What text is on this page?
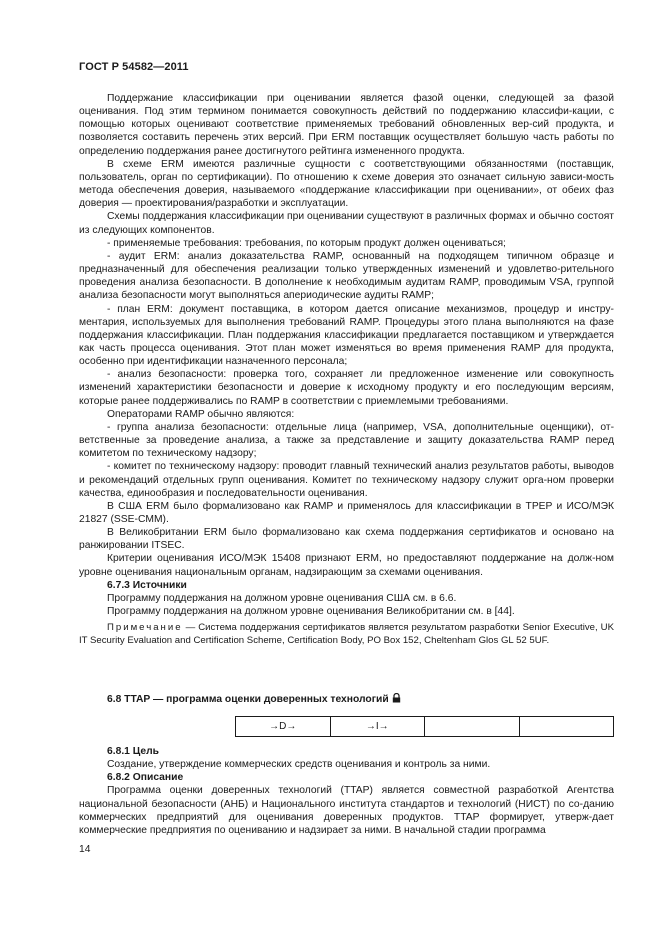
ГОСТ Р 54582—2011

Поддержание классификации при оценивании является фазой оценки, следующей за фазой оценивания. Под этим термином понимается совокупность действий по поддержанию классифи-кации, с помощью которых оценивают соответствие применяемых требований обновленных вер-сий продукта, и позволяется составить перечень этих версий. При ERM поставщик осуществляет большую часть работы по определению поддержания ранее достигнутого рейтинга измененного продукта.

В схеме ERM имеются различные сущности с соответствующими обязанностями (поставщик, пользователь, орган по сертификации). По отношению к схеме доверия это означает сильную зависи-мость метода обеспечения доверия, называемого «поддержание классификации при оценивании», от обеих фаз доверия — проектирования/разработки и эксплуатации.

Схемы поддержания классификации при оценивании существуют в различных формах и обычно состоят из следующих компонентов.

- применяемые требования: требования, по которым продукт должен оцениваться;

- аудит ERM: анализ доказательства RAMP, основанный на подходящем типичном образце и предназначенный для обеспечения реализации только утвержденных изменений и удовлетво-рительного проведения анализа безопасности. В дополнение к необходимым аудитам RAMP, проводимым VSA, группой анализа безопасности могут выполняться апериодические аудиты RAMP;

- план ERM: документ поставщика, в котором дается описание механизмов, процедур и инстру-ментария, используемых для выполнения требований RAMP. Процедуры этого плана выполняются на фазе поддержания классификации. План поддержания классификации предлагается поставщиком и утверждается как часть процесса оценивания. Этот план может изменяться во время применения RAMP для продукта, особенно при идентификации назначенного персонала;

- анализ безопасности: проверка того, сохраняет ли предложенное изменение или совокупность изменений характеристики безопасности и доверие к исходному продукту и его последующим версиям, которые ранее поддерживались по RAMP в соответствии с приемлемыми требованиями.

Операторами RAMP обычно являются:

- группа анализа безопасности: отдельные лица (например, VSA, дополнительные оценщики), от-ветственные за проведение анализа, а также за представление и защиту доказательства RAMP перед комитетом по техническому надзору;

- комитет по техническому надзору: проводит главный технический анализ результатов работы, выводов и рекомендаций отдельных групп оценивания. Комитет по техническому надзору служит орга-ном проверки качества, единообразия и последовательности оценивания.

В США ERM было формализовано как RAMP и применялось для классификации в TPEP и ИСО/МЭК 21827 (SSE-CMM).

В Великобритании ERM было формализовано как схема поддержания сертификатов и основано на ранжировании ITSEC.

Критерии оценивания ИСО/МЭК 15408 признают ERM, но предоставляют поддержание на долж-ном уровне оценивания национальным органам, надзирающим за схемами оценивания.

6.7.3 Источники

Программу поддержания на должном уровне оценивания США см. в 6.6.

Программу поддержания на должном уровне оценивания Великобритании см. в [44].

Примечание — Система поддержания сертификатов является результатом разработки Senior Executive, UK IT Security Evaluation and Certification Scheme, Certification Body, PO Box 152, Cheltenham Glos GL 52 5UF.

6.8 TTAP — программа оценки доверенных технологий
→D→	→I→		

6.8.1 Цель

Создание, утверждение коммерческих средств оценивания и контроль за ними.

6.8.2 Описание

Программа оценки доверенных технологий (TTAP) является совместной разработкой Агентства национальной безопасности (АНБ) и Национального института стандартов и технологий (НИСТ) по со-данию коммерческих предприятий для оценивания доверенных продуктов. TTAP формирует, утверж-дает коммерческие предприятия по оцениванию и надзирает за ними. В начальной стадии программа

14
